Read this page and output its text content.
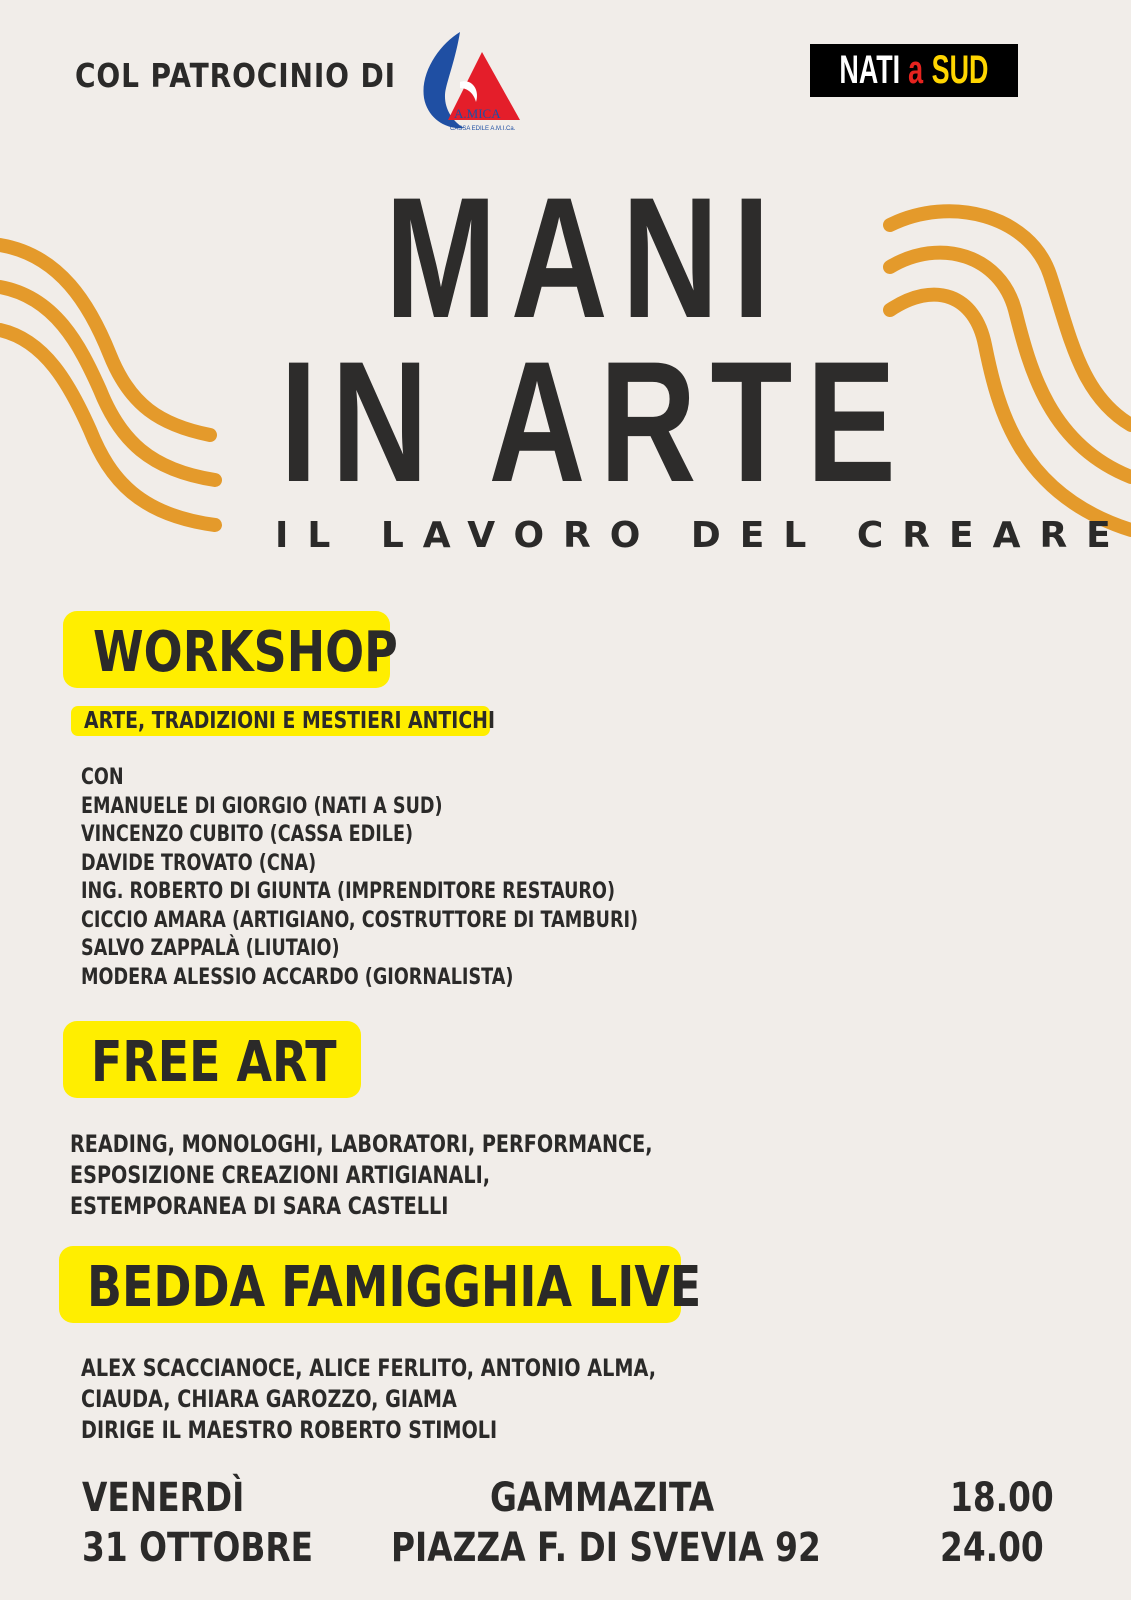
COL PATROCINIO DI
A.MICA
CASSA EDILE A.M.I.Ca.
NATI a SUD
MANI
IN ARTE
IL LAVORO DEL CREARE
WORKSHOP
ARTE, TRADIZIONI E MESTIERI ANTICHI
CON
EMANUELE DI GIORGIO (NATI A SUD)
VINCENZO CUBITO (CASSA EDILE)
DAVIDE TROVATO (CNA)
ING. ROBERTO DI GIUNTA (IMPRENDITORE RESTAURO)
CICCIO AMARA (ARTIGIANO, COSTRUTTORE DI TAMBURI)
SALVO ZAPPALÀ (LIUTAIO)
MODERA ALESSIO ACCARDO (GIORNALISTA)
FREE ART
READING, MONOLOGHI, LABORATORI, PERFORMANCE,
ESPOSIZIONE CREAZIONI ARTIGIANALI,
ESTEMPORANEA DI SARA CASTELLI
BEDDA FAMIGGHIA LIVE
ALEX SCACCIANOCE, ALICE FERLITO, ANTONIO ALMA,
CIAUDA, CHIARA GAROZZO, GIAMA
DIRIGE IL MAESTRO ROBERTO STIMOLI
VENERDÌ
31 OTTOBRE
GAMMAZITA
PIAZZA F. DI SVEVIA 92
18.00
24.00
